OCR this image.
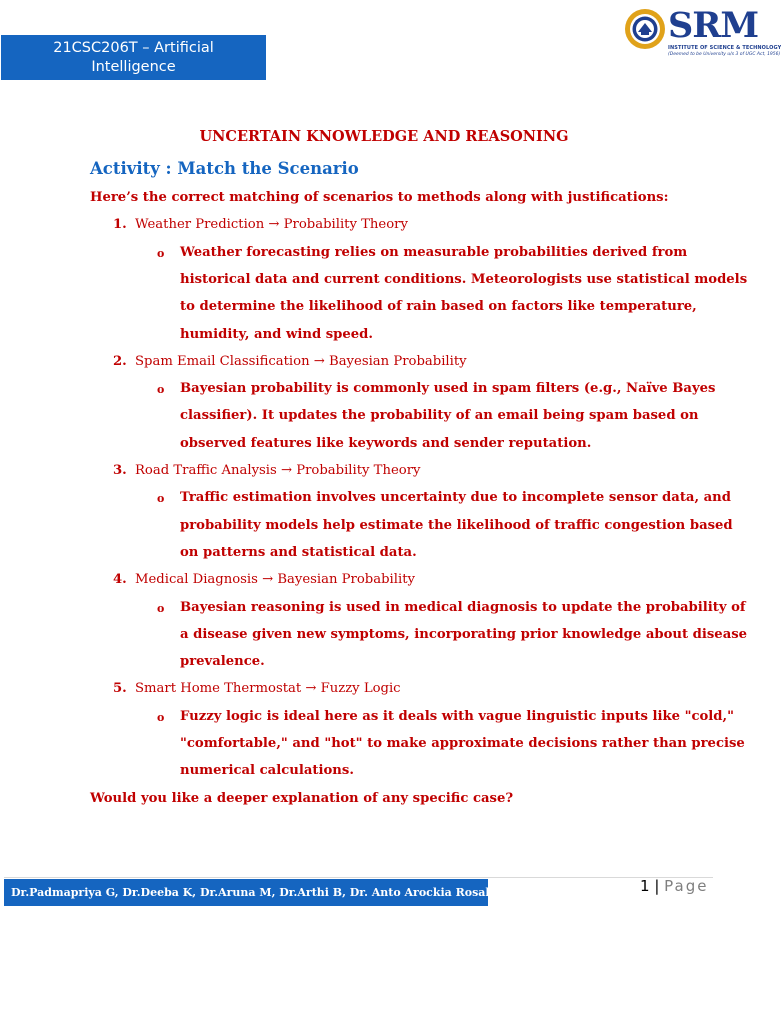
21CSC206T – Artificial
Intelligence
SRM
INSTITUTE OF SCIENCE & TECHNOLOGY
(Deemed to be University u/s 3 of UGC Act, 1956)
UNCERTAIN KNOWLEDGE AND REASONING
Activity : Match the Scenario
Here’s the correct matching of scenarios to methods along with justifications:
1. Weather Prediction → Probability Theory
o Weather forecasting relies on measurable probabilities derived from
historical data and current conditions. Meteorologists use statistical models
to determine the likelihood of rain based on factors like temperature,
humidity, and wind speed.
2. Spam Email Classification → Bayesian Probability
o Bayesian probability is commonly used in spam filters (e.g., Naïve Bayes
classifier). It updates the probability of an email being spam based on
observed features like keywords and sender reputation.
3. Road Traffic Analysis → Probability Theory
o Traffic estimation involves uncertainty due to incomplete sensor data, and
probability models help estimate the likelihood of traffic congestion based
on patterns and statistical data.
4. Medical Diagnosis → Bayesian Probability
o Bayesian reasoning is used in medical diagnosis to update the probability of
a disease given new symptoms, incorporating prior knowledge about disease
prevalence.
5. Smart Home Thermostat → Fuzzy Logic
o Fuzzy logic is ideal here as it deals with vague linguistic inputs like "cold,"
"comfortable," and "hot" to make approximate decisions rather than precise
numerical calculations.
Would you like a deeper explanation of any specific case?
Dr.Padmapriya G, Dr.Deeba K, Dr.Aruna M, Dr.Arthi B, Dr. Anto Arockia Rosaline R	1 | Page
